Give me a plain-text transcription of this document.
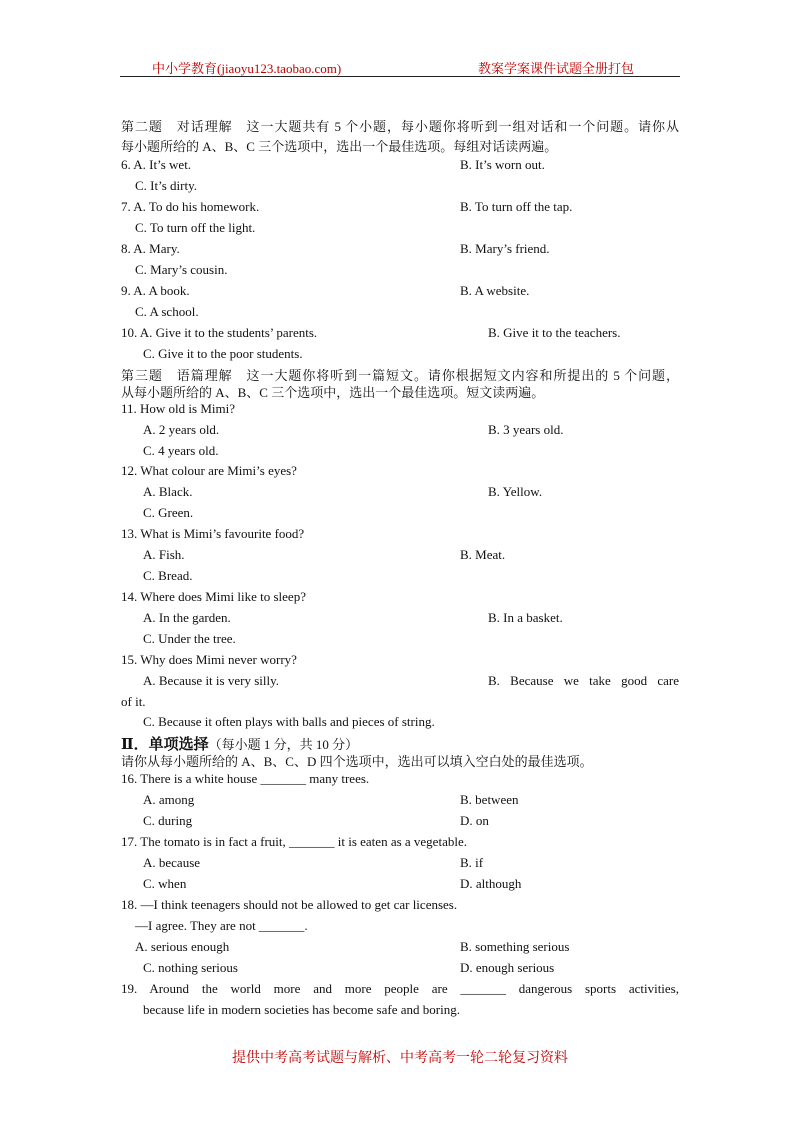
中小学教育(jiaoyu123.taobao.com)	教案学案课件试题全册打包
第二题　对话理解　这一大题共有 5 个小题，每小题你将听到一组对话和一个问题。请你从
每小题所给的 A、B、C 三个选项中，选出一个最佳选项。每组对话读两遍。
6. A. It’s wet.	B. It’s worn out.
C. It’s dirty.
7. A. To do his homework.	B. To turn off the tap.
C. To turn off the light.
8. A. Mary.	B. Mary’s friend.
C. Mary’s cousin.
9. A. A book.	B. A website.
C. A school.
10. A. Give it to the students’ parents.	B. Give it to the teachers.
C. Give it to the poor students.
第三题　语篇理解　这一大题你将听到一篇短文。请你根据短文内容和所提出的 5 个问题，
从每小题所给的 A、B、C 三个选项中，选出一个最佳选项。短文读两遍。
11. How old is Mimi?
A. 2 years old.	B. 3 years old.
C. 4 years old.
12. What colour are Mimi’s eyes?
A. Black.	B. Yellow.
C. Green.
13. What is Mimi’s favourite food?
A. Fish.	B. Meat.
C. Bread.
14. Where does Mimi like to sleep?
A. In the garden.	B. In a basket.
C. Under the tree.
15. Why does Mimi never worry?
A. Because it is very silly.	B. Because we take good care
of it.
C. Because it often plays with balls and pieces of string.
Ⅱ．单项选择（每小题 1 分，共 10 分）
请你从每小题所给的 A、B、C、D 四个选项中，选出可以填入空白处的最佳选项。
16. There is a white house _______ many trees.
A. among	B. between
C. during	D. on
17. The tomato is in fact a fruit, _______ it is eaten as a vegetable.
A. because	B. if
C. when	D. although
18. —I think teenagers should not be allowed to get car licenses.
—I agree. They are not _______.
A. serious enough	B. something serious
C. nothing serious	D. enough serious
19. Around the world more and more people are _______ dangerous sports activities,
because life in modern societies has become safe and boring.
提供中考高考试题与解析、中考高考一轮二轮复习资料
